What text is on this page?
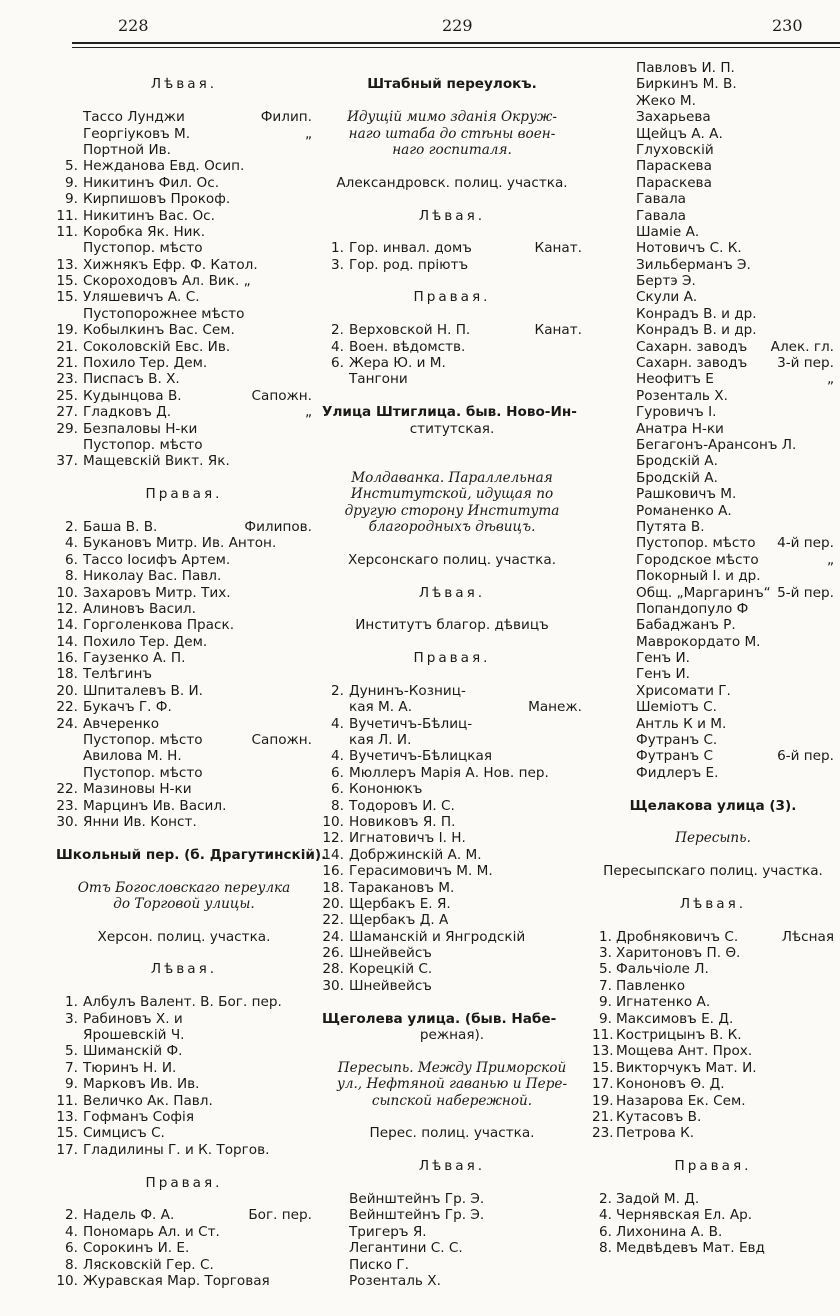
228	229	230
Лѣвая.
Тассо Лунджи	Филип.
Георгіуковъ М.	„
Портной Ив.
5. Нежданова Евд. Осип.
9. Никитинъ Фил. Ос.
9. Кирпишовъ Прокоф.
11. Никитинъ Вас. Ос.
11. Коробка Як. Ник.
Пустопор. мѣсто
13. Хижнякъ Ефр. Ф. Катол.
15. Скороходовъ Ал. Вик. „
15. Уляшевичъ А. С.
Пустопорожнее мѣсто
19. Кобылкинъ Вас. Сем.
21. Соколовскій Евс. Ив.
21. Похило Тер. Дем.
23. Писпасъ В. Х.
25. Кудынцова В.	Сапожн.
27. Гладковъ Д.	„
29. Безпаловы Н-ки
Пустопор. мѣсто
37. Мащевскій Викт. Як.
Правая.
2. Баша В. В.	Филипов.
4. Букановъ Митр. Ив. Антон.
6. Тассо Іосифъ Артем.
8. Николау Вас. Павл.
10. Захаровъ Митр. Тих.
12. Алиновъ Васил.
14. Горголенкова Праск.
14. Похило Тер. Дем.
16. Гаузенко А. П.
18. Телѣгинъ
20. Шпиталевъ В. И.
22. Букачъ Г. Ф.
24. Авчеренко
Пустопор. мѣсто	Сапожн.
Авилова М. Н.
Пустопор. мѣсто
22. Мазиновы Н-ки
23. Марцинъ Ив. Васил.
30. Янни Ив. Конст.
Школьный пер. (б. Драгутинскій).
Отъ Богословскаго переулка
до Торговой улицы.
Херсон. полиц. участка.
Лѣвая.
1. Албулъ Валент. В. Бог. пер.
3. Рабиновъ Х. и
Ярошевскій Ч.
5. Шиманскій Ф.
7. Тюринъ Н. И.
9. Марковъ Ив. Ив.
11. Величко Ак. Павл.
13. Гофманъ Софія
15. Симцисъ С.
17. Гладилины Г. и К. Торгов.
Правая.
2. Надель Ф. А.	Бог. пер.
4. Пономарь Ал. и Ст.
6. Сорокинъ И. Е.
8. Лясковскій Гер. С.
10. Журавская Мар. Торговая
Штабный переулокъ.
Идущій мимо зданія Окруж-
наго штаба до стѣны воен-
наго госпиталя.
Александровск. полиц. участка.
Лѣвая.
1. Гор. инвал. домъ	Канат.
3. Гор. род. пріютъ
Правая.
2. Верховской Н. П.	Канат.
4. Воен. вѣдомств.
6. Жера Ю. и М.
Тангони
Улица Штиглица. быв. Ново-Ин-
ститутская.
Молдаванка. Параллельная
Институтской, идущая по
другую сторону Института
благородныхъ дѣвицъ.
Херсонскаго полиц. участка.
Лѣвая.
Институтъ благор. дѣвицъ
Правая.
2. Дунинъ-Козниц-
кая М. А.	Манеж.
4. Вучетичъ-Бѣлиц-
кая Л. И.
4. Вучетичъ-Бѣлицкая
6. Мюллеръ Марія А. Нов. пер.
6. Кононюкъ
8. Тодоровъ И. С.
10. Новиковъ Я. П.
12. Игнатовичъ І. Н.
14. Добржинскій А. М.
16. Герасимовичъ М. М.
18. Таракановъ М.
20. Щербакъ Е. Я.
22. Щербакъ Д. А
24. Шаманскій и Янгродскій
26. Шнейвейсъ
28. Корецкій С.
30. Шнейвейсъ
Щеголева улица. (быв. Набе-
режная).
Пересыпь. Между Приморской
ул., Нефтяной гаванью и Пере-
сыпской набережной.
Перес. полиц. участка.
Лѣвая.
Вейнштейнъ Гр. Э.
Вейнштейнъ Гр. Э.
Тригеръ Я.
Легантини С. С.
Писко Г.
Розенталь Х.
Павловъ И. П.
Биркинъ М. В.
Жеко М.
Захарьева
Щейцъ А. А.
Глуховскій
Параскева
Параскева
Гавала
Гавала
Шаміе А.
Нотовичъ С. К.
Зильберманъ Э.
Бертэ Э.
Скули А.
Конрадъ В. и др.
Конрадъ В. и др.
Сахарн. заводъ Алек. гл.
Сахарн. заводъ 3-й пер.
Неофитъ Е	„
Розенталь Х.
Гуровичъ І.
Анатра Н-ки
Бегагонъ-Арансонъ Л.
Бродскій А.
Бродскій А.
Рашковичъ М.
Романенко А.
Путята В.
Пустопор. мѣсто 4-й пер.
Городское мѣсто	„
Покорный І. и др.
Общ. „Маргаринъ“ 5-й пер.
Попандопуло Ф
Бабаджанъ Р.
Маврокордато М.
Генъ И.
Генъ И.
Хрисомати Г.
Шеміотъ С.
Антль К и М.
Футранъ С.
Футранъ С	6-й пер.
Фидлеръ Е.
Щелакова улица (3).
Пересыпь.
Пересыпскаго полиц. участка.
Лѣвая.
1. Дробняковичъ С.	Лѣсная
3. Харитоновъ П. Θ.
5. Фальчіоле Л.
7. Павленко
9. Игнатенко А.
9. Максимовъ Е. Д.
11. Кострицынъ В. К.
13. Мощева Ант. Прох.
15. Викторчукъ Мат. И.
17. Кононовъ Θ. Д.
19. Назарова Ек. Сем.
21. Кутасовъ В.
23. Петрова К.
Правая.
2. Задой М. Д.
4. Чернявская Ел. Ар.
6. Лихонина А. В.
8. Медвѣдевъ Мат. Евд
